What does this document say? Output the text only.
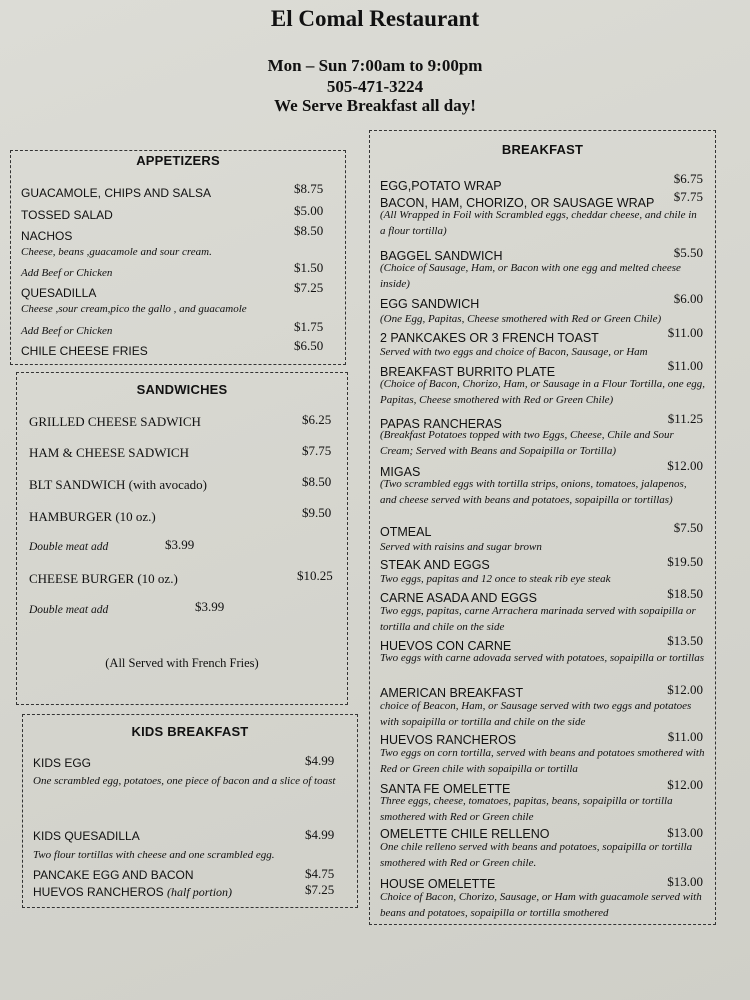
El Comal Restaurant
Mon – Sun 7:00am to 9:00pm
505-471-3224
We Serve Breakfast all day!
APPETIZERS
GUACAMOLE, CHIPS AND SALSA	$8.75
TOSSED SALAD	$5.00
NACHOS	$8.50
Cheese, beans ,guacamole and sour cream.
Add Beef or Chicken	$1.50
QUESADILLA	$7.25
Cheese ,sour cream,pico the gallo , and guacamole
Add Beef or Chicken	$1.75
CHILE CHEESE FRIES	$6.50
SANDWICHES
GRILLED CHEESE SADWICH	$6.25
HAM & CHEESE SADWICH	$7.75
BLT SANDWICH (with avocado)	$8.50
HAMBURGER (10 oz.)	$9.50
Double meat add	$3.99
CHEESE BURGER (10 oz.)	$10.25
Double meat add	$3.99
(All Served with French Fries)
KIDS BREAKFAST
KIDS EGG	$4.99
One scrambled egg, potatoes, one piece of bacon and a slice of toast
KIDS QUESADILLA	$4.99
Two flour tortillas with cheese and one scrambled egg.
PANCAKE EGG AND BACON	$4.75
HUEVOS RANCHEROS (half portion)	$7.25
BREAKFAST
EGG,POTATO WRAP	$6.75
BACON, HAM, CHORIZO, OR SAUSAGE WRAP $7.75
(All Wrapped in Foil with Scrambled eggs, cheddar cheese, and chile in a flour tortilla)
BAGGEL SANDWICH	$5.50
(Choice of Sausage, Ham, or Bacon with one egg and melted cheese inside)
EGG SANDWICH	$6.00
(One Egg, Papitas, Cheese smothered with Red or Green Chile)
2 PANKCAKES OR 3 FRENCH TOAST	$11.00
Served with two eggs and choice of Bacon, Sausage, or Ham
BREAKFAST BURRITO PLATE	$11.00
(Choice of Bacon, Chorizo, Ham, or Sausage in a Flour Tortilla, one egg, Papitas, Cheese smothered with Red or Green Chile)
PAPAS RANCHERAS	$11.25
(Breakfast Potatoes topped with two Eggs, Cheese, Chile and Sour Cream; Served with Beans and Sopaipilla or Tortilla)
MIGAS	$12.00
(Two scrambled eggs with tortilla strips, onions, tomatoes, jalapenos, and cheese served with beans and potatoes, sopaipilla or tortillas)
OTMEAL	$7.50
Served with raisins and sugar brown
STEAK AND EGGS	$19.50
Two eggs, papitas and 12 once to steak rib eye steak
CARNE ASADA AND EGGS	$18.50
Two eggs, papitas, carne Arrachera marinada served with sopaipilla or tortilla and chile on the side
HUEVOS CON CARNE	$13.50
Two eggs with carne adovada served with potatoes, sopaipilla or tortillas
AMERICAN BREAKFAST	$12.00
choice of Beacon, Ham, or Sausage served with two eggs and potatoes with sopaipilla or tortilla and chile on the side
HUEVOS RANCHEROS	$11.00
Two eggs on corn tortilla, served with beans and potatoes smothered with Red or Green chile with sopaipilla or tortilla
SANTA FE OMELETTE	$12.00
Three eggs, cheese, tomatoes, papitas, beans, sopaipilla or tortilla smothered with Red or Green chile
OMELETTE CHILE RELLENO	$13.00
One chile relleno served with beans and potatoes, sopaipilla or tortilla smothered with Red or Green chile.
HOUSE OMELETTE	$13.00
Choice of Bacon, Chorizo, Sausage, or Ham with guacamole served with beans and potatoes, sopaipilla or tortilla smothered
